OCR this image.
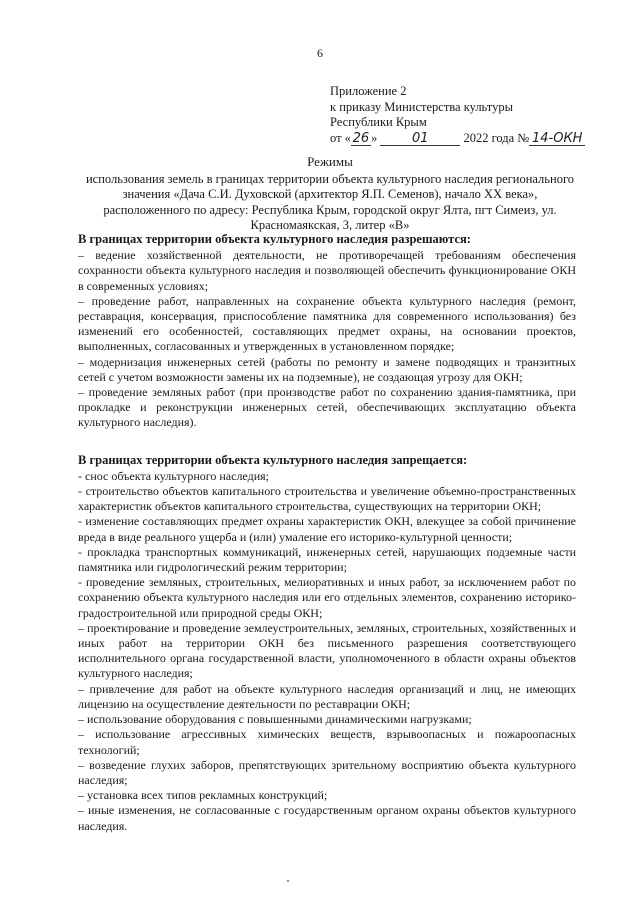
6
Приложение 2
к приказу Министерства культуры
Республики Крым
от « 26 »	01	2022 года № 14-ОКН
Режимы
использования земель в границах территории объекта культурного наследия регионального значения «Дача С.И. Духовской (архитектор Я.П. Семенов), начало XX века», расположенного по адресу: Республика Крым, городской округ Ялта, пгт Симеиз, ул. Красномаякская, 3, литер «В»
В границах территории объекта культурного наследия разрешаются:
– ведение хозяйственной деятельности, не противоречащей требованиям обеспечения сохранности объекта культурного наследия и позволяющей обеспечить функционирование ОКН в современных условиях;
– проведение работ, направленных на сохранение объекта культурного наследия (ремонт, реставрация, консервация, приспособление памятника для современного использования) без изменений его особенностей, составляющих предмет охраны, на основании проектов, выполненных, согласованных и утвержденных в установленном порядке;
– модернизация инженерных сетей (работы по ремонту и замене подводящих и транзитных сетей с учетом возможности замены их на подземные), не создающая угрозу для ОКН;
– проведение земляных работ (при производстве работ по сохранению здания-памятника, при прокладке и реконструкции инженерных сетей, обеспечивающих эксплуатацию объекта культурного наследия).
В границах территории объекта культурного наследия запрещается:
- снос объекта культурного наследия;
- строительство объектов капитального строительства и увеличение объемно-пространственных характеристик объектов капитального строительства, существующих на территории ОКН;
- изменение составляющих предмет охраны характеристик ОКН, влекущее за собой причинение вреда в виде реального ущерба и (или) умаление его историко-культурной ценности;
- прокладка транспортных коммуникаций, инженерных сетей, нарушающих подземные части памятника или гидрологический режим территории;
- проведение земляных, строительных, мелиоративных и иных работ, за исключением работ по сохранению объекта культурного наследия или его отдельных элементов, сохранению историко-градостроительной или природной среды ОКН;
– проектирование и проведение землеустроительных, земляных, строительных, хозяйственных и иных работ на территории ОКН без письменного разрешения соответствующего исполнительного органа государственной власти, уполномоченного в области охраны объектов культурного наследия;
– привлечение для работ на объекте культурного наследия организаций и лиц, не имеющих лицензию на осуществление деятельности по реставрации ОКН;
– использование оборудования с повышенными динамическими нагрузками;
– использование агрессивных химических веществ, взрывоопасных и пожароопасных технологий;
– возведение глухих заборов, препятствующих зрительному восприятию объекта культурного наследия;
– установка всех типов рекламных конструкций;
– иные изменения, не согласованные с государственным органом охраны объектов культурного наследия.
